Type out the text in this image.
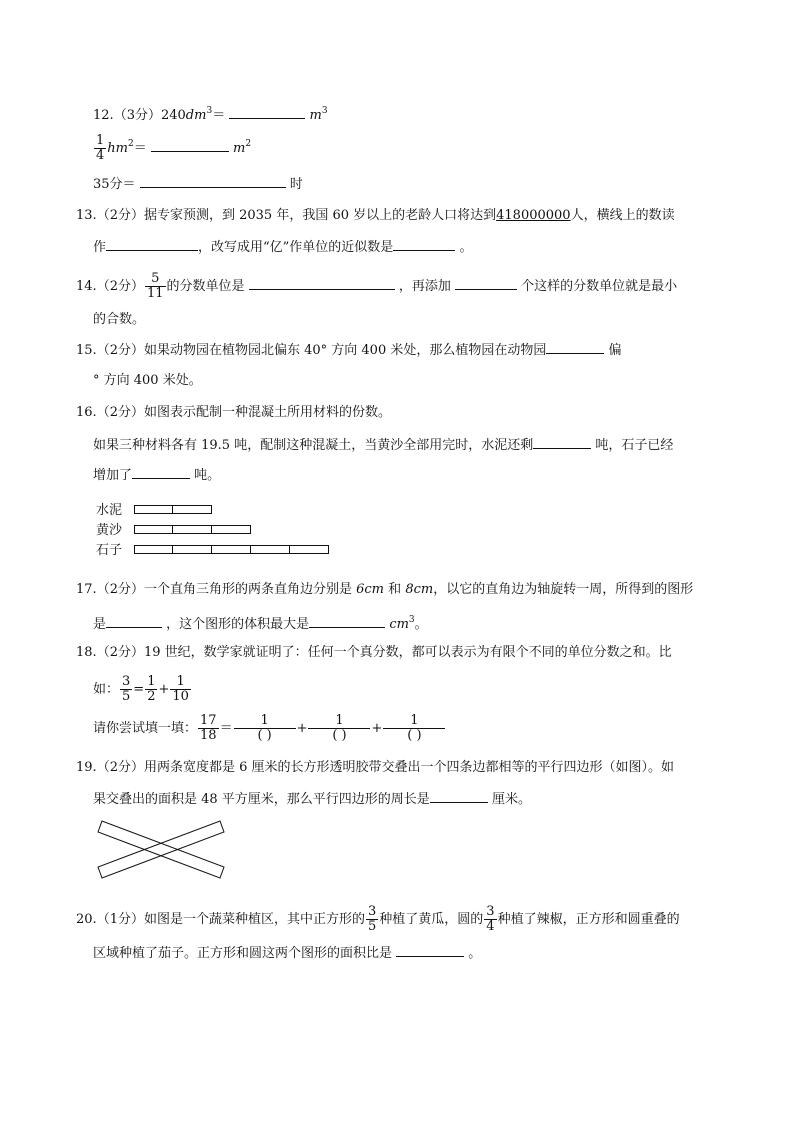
12.（3分）$240dm^3=$	$m^3$
$\frac{1}{4} hm^2=$	$m^2$
35分＝	时
13.（2分）据专家预测，到 2035 年，我国 60 岁以上的老龄人口将达到418000000人，横线上的数读
作	，改写成用“亿”作单位的近似数是	。
14.（2分） $\frac{5}{11}$ 的分数单位是	，再添加	个这样的分数单位就是最小
的合数。
15.（2分）如果动物园在植物园北偏东 40° 方向 400 米处，那么植物园在动物园	偏
° 方向 400 米处。
16.（2分）如图表示配制一种混凝土所用材料的份数。
如果三种材料各有 19.5 吨，配制这种混凝土，当黄沙全部用完时，水泥还剩	吨，石子已经
增加了	吨。
水泥
黄沙
石子
17.（2分）一个直角三角形的两条直角边分别是 6cm 和 8cm，以它的直角边为轴旋转一周，所得到的图形
是	，这个图形的体积最大是	$cm^3$。
18.（2分）19 世纪，数学家就证明了：任何一个真分数，都可以表示为有限个不同的单位分数之和。比
如： $\frac{3}{5} = \frac{1}{2} + \frac{1}{10}$
请你尝试填一填： $\frac{17}{18} = \frac{1}{( )} + \frac{1}{( )} + \frac{1}{( )}$
19.（2分）用两条宽度都是 6 厘米的长方形透明胶带交叠出一个四条边都相等的平行四边形（如图）。如
果交叠出的面积是 48 平方厘米，那么平行四边形的周长是	厘米。
20.（1分）如图是一个蔬菜种植区，其中正方形的 $\frac{3}{5}$ 种植了黄瓜，圆的 $\frac{3}{4}$ 种植了辣椒，正方形和圆重叠的
区域种植了茄子。正方形和圆这两个图形的面积比是	。
